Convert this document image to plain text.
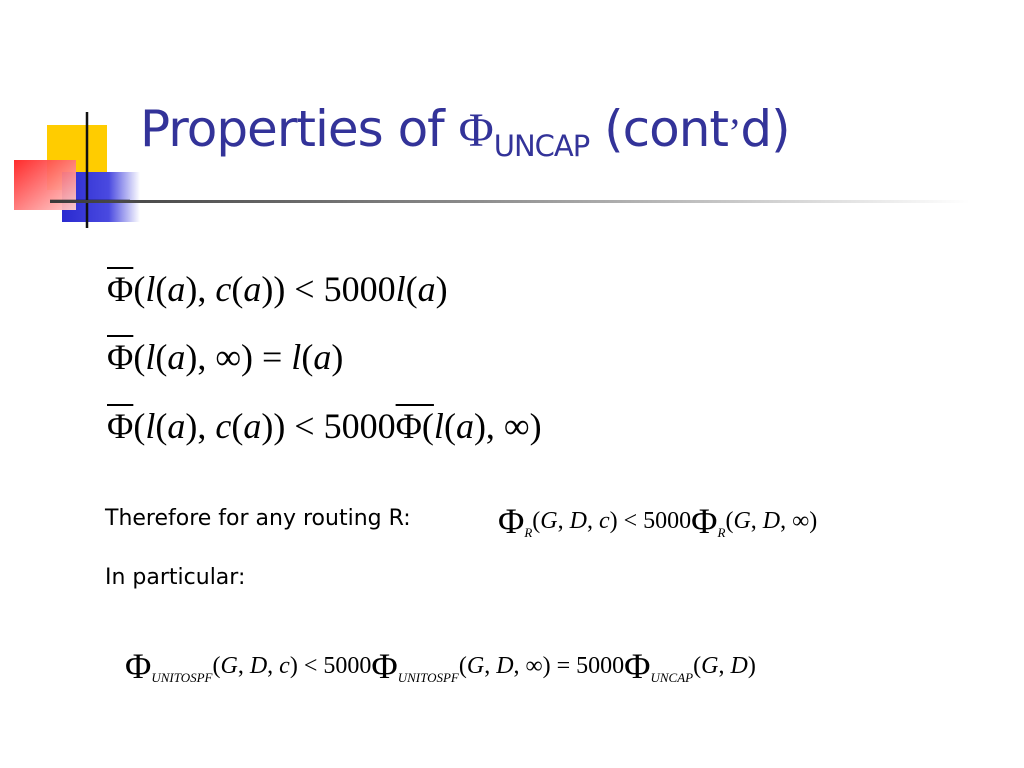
Properties of $\Phi_{UNCAP}$ (cont’d)
$\overline{\Phi}(l(a)$, c(a)) < 5000l(a)
$\overline{\Phi}(l(a)$, ∞) = l(a)
$\overline{\Phi}(l(a)$, c(a)) < 5000Φ(l(a), ∞)
Therefore for any routing R: $\Phi_R(G$, D, $c) < 5000\Phi_R(G$, D, ∞)
In particular:
$\Phi_{UNITOSPF}(G$, D, $c) < 5000\Phi_{UNITOSPF}(G$, D, ∞) = $5000\Phi_{UNCAP}(G$, D)
